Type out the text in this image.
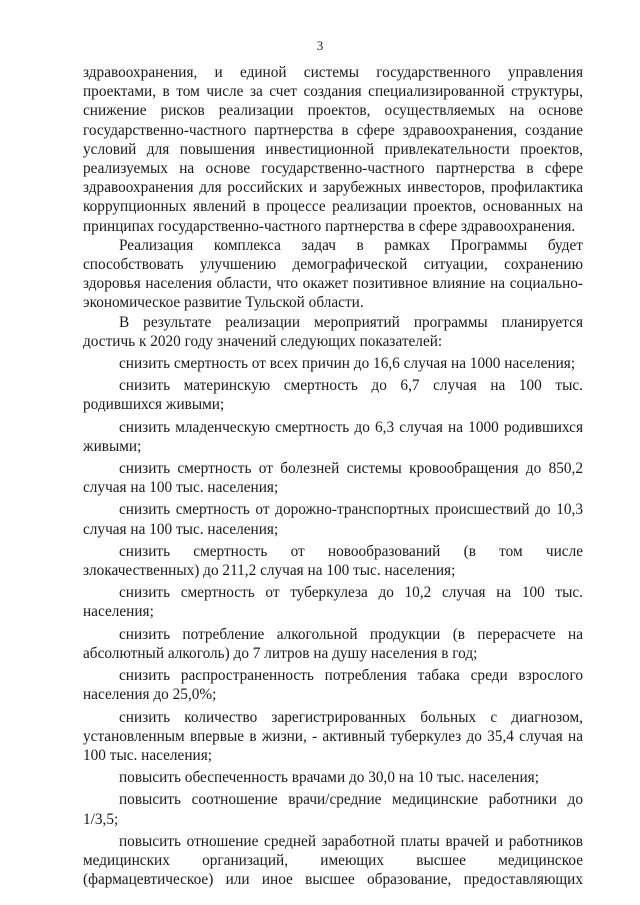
3

здравоохранения, и единой системы государственного управления проектами, в том числе за счет создания специализированной структуры, снижение рисков реализации проектов, осуществляемых на основе государственно-частного партнерства в сфере здравоохранения, создание условий для повышения инвестиционной привлекательности проектов, реализуемых на основе государственно-частного партнерства в сфере здравоохранения для российских и зарубежных инвесторов, профилактика коррупционных явлений в процессе реализации проектов, основанных на принципах государственно-частного партнерства в сфере здравоохранения.

Реализация комплекса задач в рамках Программы будет способствовать улучшению демографической ситуации, сохранению здоровья населения области, что окажет позитивное влияние на социально-экономическое развитие Тульской области.

В результате реализации мероприятий программы планируется достичь к 2020 году значений следующих показателей:

снизить смертность от всех причин до 16,6 случая на 1000 населения;

снизить материнскую смертность до 6,7 случая на 100 тыс. родившихся живыми;

снизить младенческую смертность до 6,3 случая на 1000 родившихся живыми;

снизить смертность от болезней системы кровообращения до 850,2 случая на 100 тыс. населения;

снизить смертность от дорожно-транспортных происшествий до 10,3 случая на 100 тыс. населения;

снизить смертность от новообразований (в том числе злокачественных) до 211,2 случая на 100 тыс. населения;

снизить смертность от туберкулеза до 10,2 случая на 100 тыс. населения;

снизить потребление алкогольной продукции (в перерасчете на абсолютный алкоголь) до 7 литров на душу населения в год;

снизить распространенность потребления табака среди взрослого населения до 25,0%;

снизить количество зарегистрированных больных с диагнозом, установленным впервые в жизни, - активный туберкулез до 35,4 случая на 100 тыс. населения;

повысить обеспеченность врачами до 30,0 на 10 тыс. населения;

повысить соотношение врачи/средние медицинские работники до 1/3,5;

повысить отношение средней заработной платы врачей и работников медицинских организаций, имеющих высшее медицинское (фармацевтическое) или иное высшее образование, предоставляющих
